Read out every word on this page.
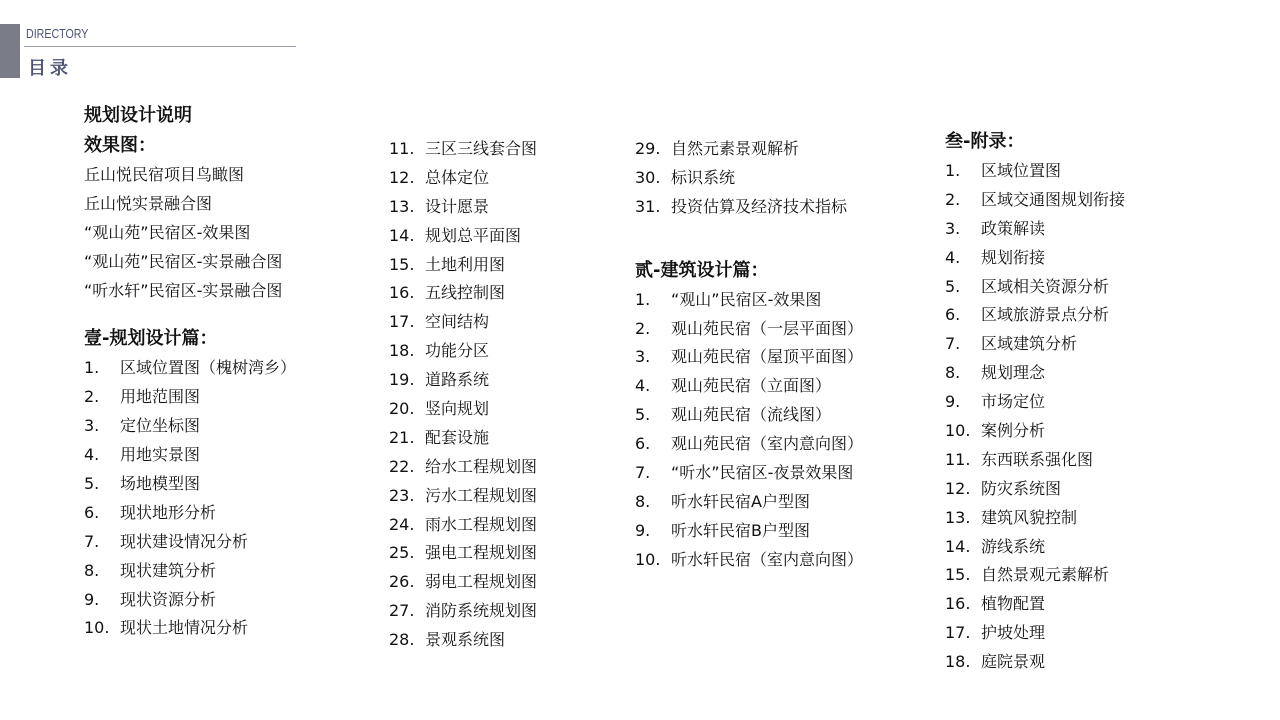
DIRECTORY
目录
规划设计说明
效果图：
丘山悦民宿项目鸟瞰图
丘山悦实景融合图
“观山苑”民宿区-效果图
“观山苑”民宿区-实景融合图
“听水轩”民宿区-实景融合图
壹-规划设计篇：
1.	区域位置图（槐树湾乡）
2.	用地范围图
3.	定位坐标图
4.	用地实景图
5.	场地模型图
6.	现状地形分析
7.	现状建设情况分析
8.	现状建筑分析
9.	现状资源分析
10. 现状土地情况分析
11. 三区三线套合图
12. 总体定位
13. 设计愿景
14. 规划总平面图
15. 土地利用图
16. 五线控制图
17. 空间结构
18. 功能分区
19. 道路系统
20. 竖向规划
21. 配套设施
22. 给水工程规划图
23. 污水工程规划图
24. 雨水工程规划图
25. 强电工程规划图
26. 弱电工程规划图
27. 消防系统规划图
28. 景观系统图
29. 自然元素景观解析
30. 标识系统
31. 投资估算及经济技术指标
贰-建筑设计篇：
1.	“观山”民宿区-效果图
2.	观山苑民宿（一层平面图）
3.	观山苑民宿（屋顶平面图）
4.	观山苑民宿（立面图）
5.	观山苑民宿（流线图）
6.	观山苑民宿（室内意向图）
7.	“听水”民宿区-夜景效果图
8.	听水轩民宿A户型图
9.	听水轩民宿B户型图
10. 听水轩民宿（室内意向图）
叁-附录：
1.	区域位置图
2.	区域交通图规划衔接
3.	政策解读
4.	规划衔接
5.	区域相关资源分析
6.	区域旅游景点分析
7.	区域建筑分析
8.	规划理念
9.	市场定位
10. 案例分析
11. 东西联系强化图
12. 防灾系统图
13. 建筑风貌控制
14. 游线系统
15. 自然景观元素解析
16. 植物配置
17. 护坡处理
18. 庭院景观
